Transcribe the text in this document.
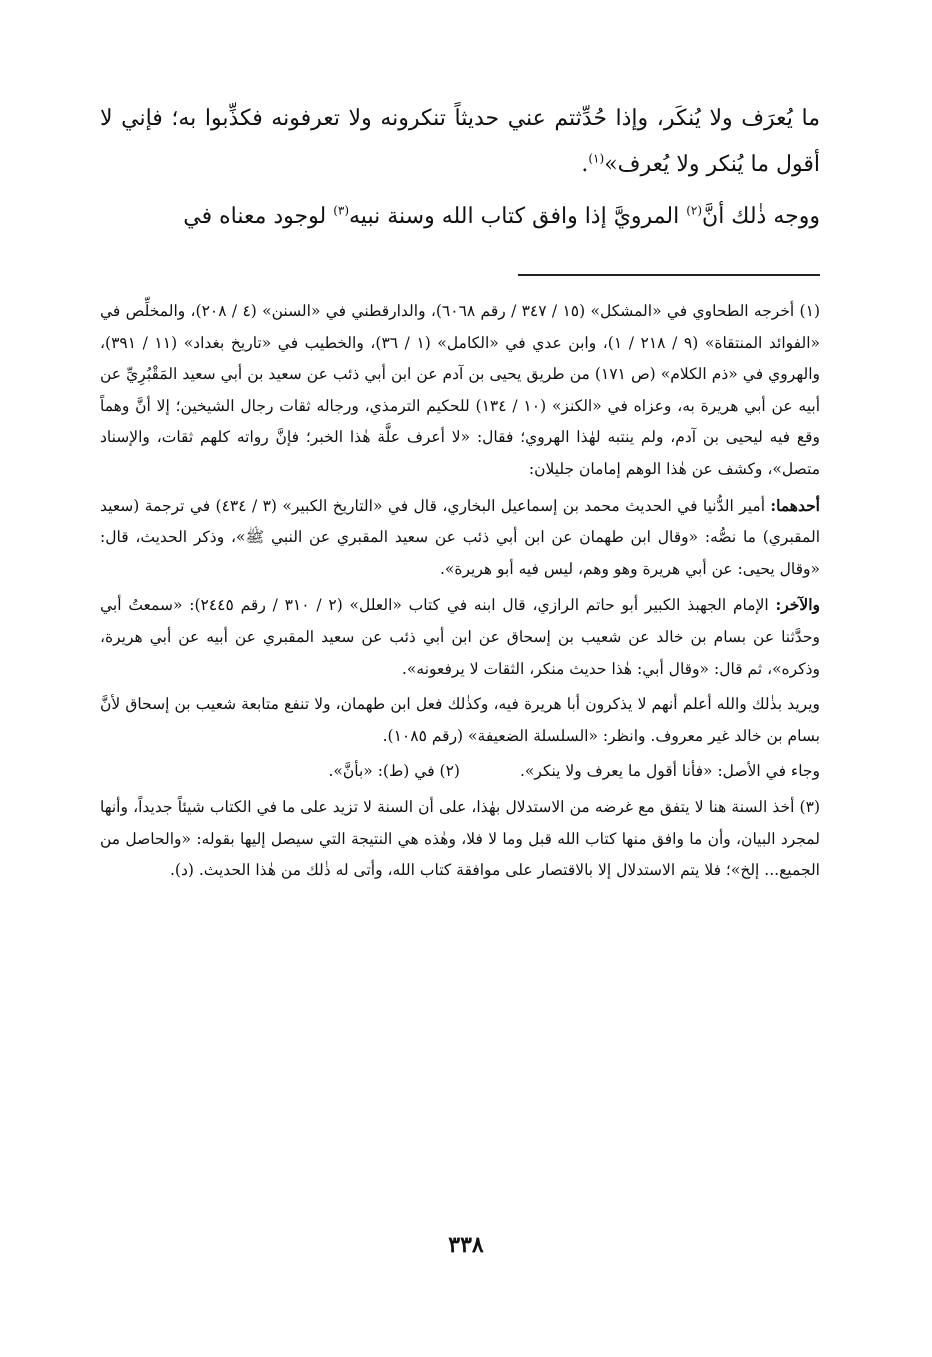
ما يُعرَف ولا يُنكَر، وإذا حُدِّثتم عني حديثاً تنكرونه ولا تعرفونه فكذِّبوا به؛ فإني لا أقول ما يُنكر ولا يُعرف»$^{(١)}$.

ووجه ذٰلك أنَّ$^{(٢)}$ المرويَّ إذا وافق كتاب الله وسنة نبيه$^{(٣)}$ لوجود معناه في

(١) أخرجه الطحاوي في «المشكل» (١٥ / ٣٤٧ / رقم ٦٠٦٨)، والدارقطني في «السنن» (٤ / ٢٠٨)، والمخلِّص في «الفوائد المنتقاة» (٩ / ٢١٨ / ١)، وابن عدي في «الكامل» (١ / ٣٦)، والخطيب في «تاريخ بغداد» (١١ / ٣٩١)، والهروي في «ذم الكلام» (ص ١٧١) من طريق يحيى بن آدم عن ابن أبي ذئب عن سعيد بن أبي سعيد المَقْبُرِيِّ عن أبيه عن أبي هريرة به، وعزاه في «الكنز» (١٠ / ١٣٤) للحكيم الترمذي، ورجاله ثقات رجال الشيخين؛ إلا أنَّ وهماً وقع فيه ليحيى بن آدم، ولم ينتبه لهٰذا الهروي؛ فقال: «لا أعرف علَّة هٰذا الخبر؛ فإنَّ رواته كلهم ثقات، والإسناد متصل»، وكشف عن هٰذا الوهم إمامان جليلان:

أحدهما: أمير الدُّنيا في الحديث محمد بن إسماعيل البخاري، قال في «التاريخ الكبير» (٣ / ٤٣٤) في ترجمة (سعيد المقبري) ما نصُّه: «وقال ابن طهمان عن ابن أبي ذئب عن سعيد المقبري عن النبي ﷺ»، وذكر الحديث، قال: «وقال يحيى: عن أبي هريرة وهو وهم، ليس فيه أبو هريرة».

والآخر: الإمام الجهبذ الكبير أبو حاتم الرازي، قال ابنه في كتاب «العلل» (٢ / ٣١٠ / رقم ٢٤٤٥): «سمعتُ أبي وحدَّثنا عن بسام بن خالد عن شعيب بن إسحاق عن ابن أبي ذئب عن سعيد المقبري عن أبيه عن أبي هريرة، وذكره»، ثم قال: «وقال أبي: هٰذا حديث منكر، الثقات لا يرفعونه».

ويريد بذٰلك والله أعلم أنهم لا يذكرون أبا هريرة فيه، وكذٰلك فعل ابن طهمان، ولا تنفع متابعة شعيب بن إسحاق لأنَّ بسام بن خالد غير معروف. وانظر: «السلسلة الضعيفة» (رقم ١٠٨٥).

وجاء في الأصل: «فأنا أقول ما يعرف ولا ينكر».
(٢) في (ط): «بأنَّ».

(٣) أخذ السنة هنا لا يتفق مع غرضه من الاستدلال بهٰذا، على أن السنة لا تزيد على ما في الكتاب شيئاً جديداً، وأنها لمجرد البيان، وأن ما وافق منها كتاب الله قبل وما لا فلا، وهٰذه هي النتيجة التي سيصل إليها بقوله: «والحاصل من الجميع... إلخ»؛ فلا يتم الاستدلال إلا بالاقتصار على موافقة كتاب الله، وأتى له ذٰلك من هٰذا الحديث. (د).

٣٣٨
